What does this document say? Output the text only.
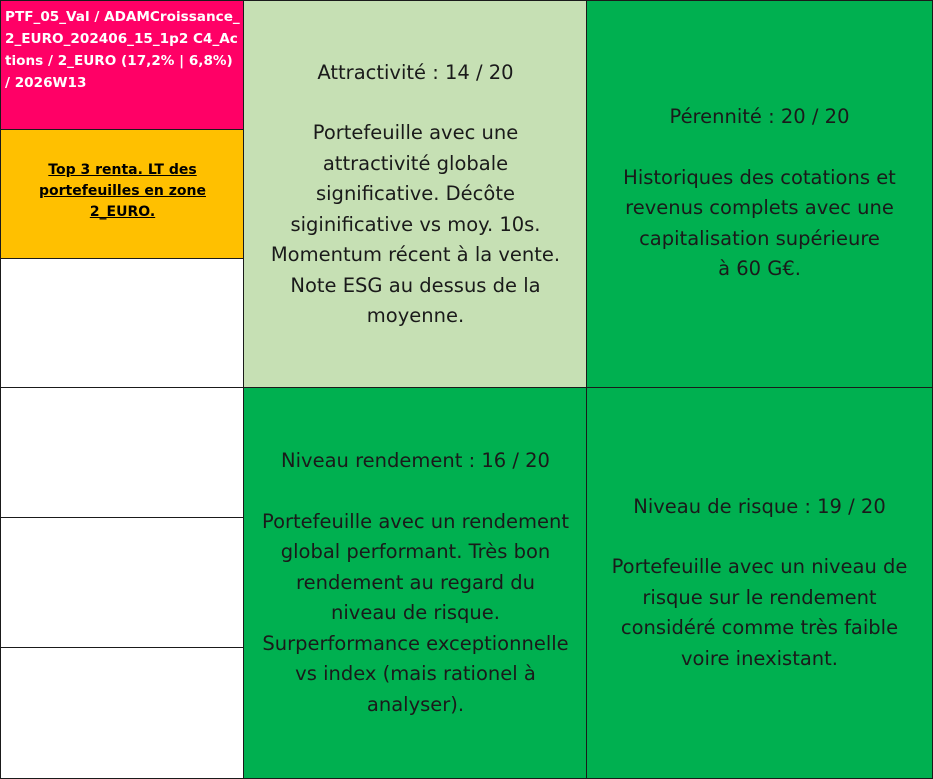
PTF_05_Val / ADAMCroissance_2_EURO_202406_15_1p2 C4_Actions / 2_EURO (17,2% | 6,8%) / 2026W13
Top 3 renta. LT des portefeuilles en zone 2_EURO.
Attractivité : 14 / 20
Portefeuille avec une
attractivité globale
significative. Décôte
siginificative vs moy. 10s.
Momentum récent à la vente.
Note ESG au dessus de la
moyenne.
Pérennité : 20 / 20
Historiques des cotations et
revenus complets avec une
capitalisation supérieure
à 60 G€.
Niveau rendement : 16 / 20
Portefeuille avec un rendement
global performant. Très bon
rendement au regard du
niveau de risque.
Surperformance exceptionnelle
vs index (mais rationel à
analyser).
Niveau de risque : 19 / 20
Portefeuille avec un niveau de
risque sur le rendement
considéré comme très faible
voire inexistant.
